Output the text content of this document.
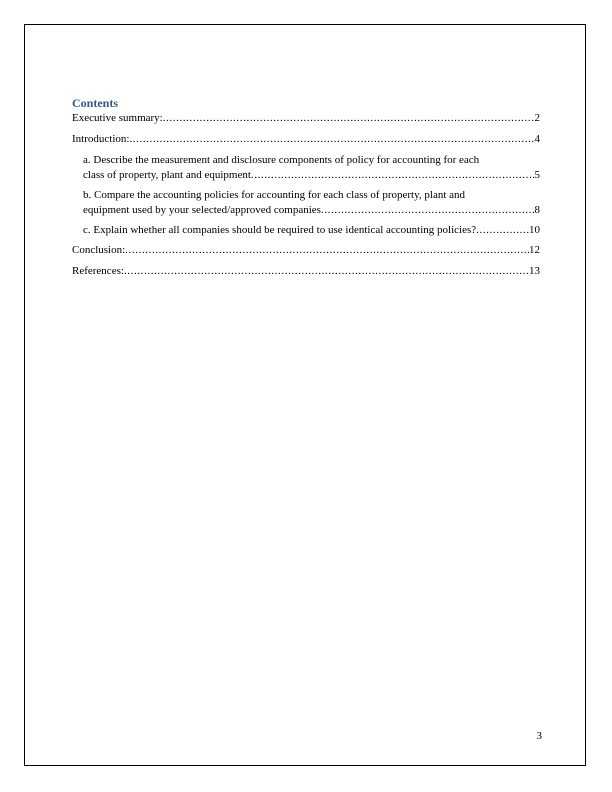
Contents
Executive summary: .....	2
Introduction: .....	4
a. Describe the measurement and disclosure components of policy for accounting for each
class of property, plant and equipment .....	5
b. Compare the accounting policies for accounting for each class of property, plant and
equipment used by your selected/approved companies .....	8
c. Explain whether all companies should be required to use identical accounting policies? .....	10
Conclusion: .....	12
References: .....	13
3
